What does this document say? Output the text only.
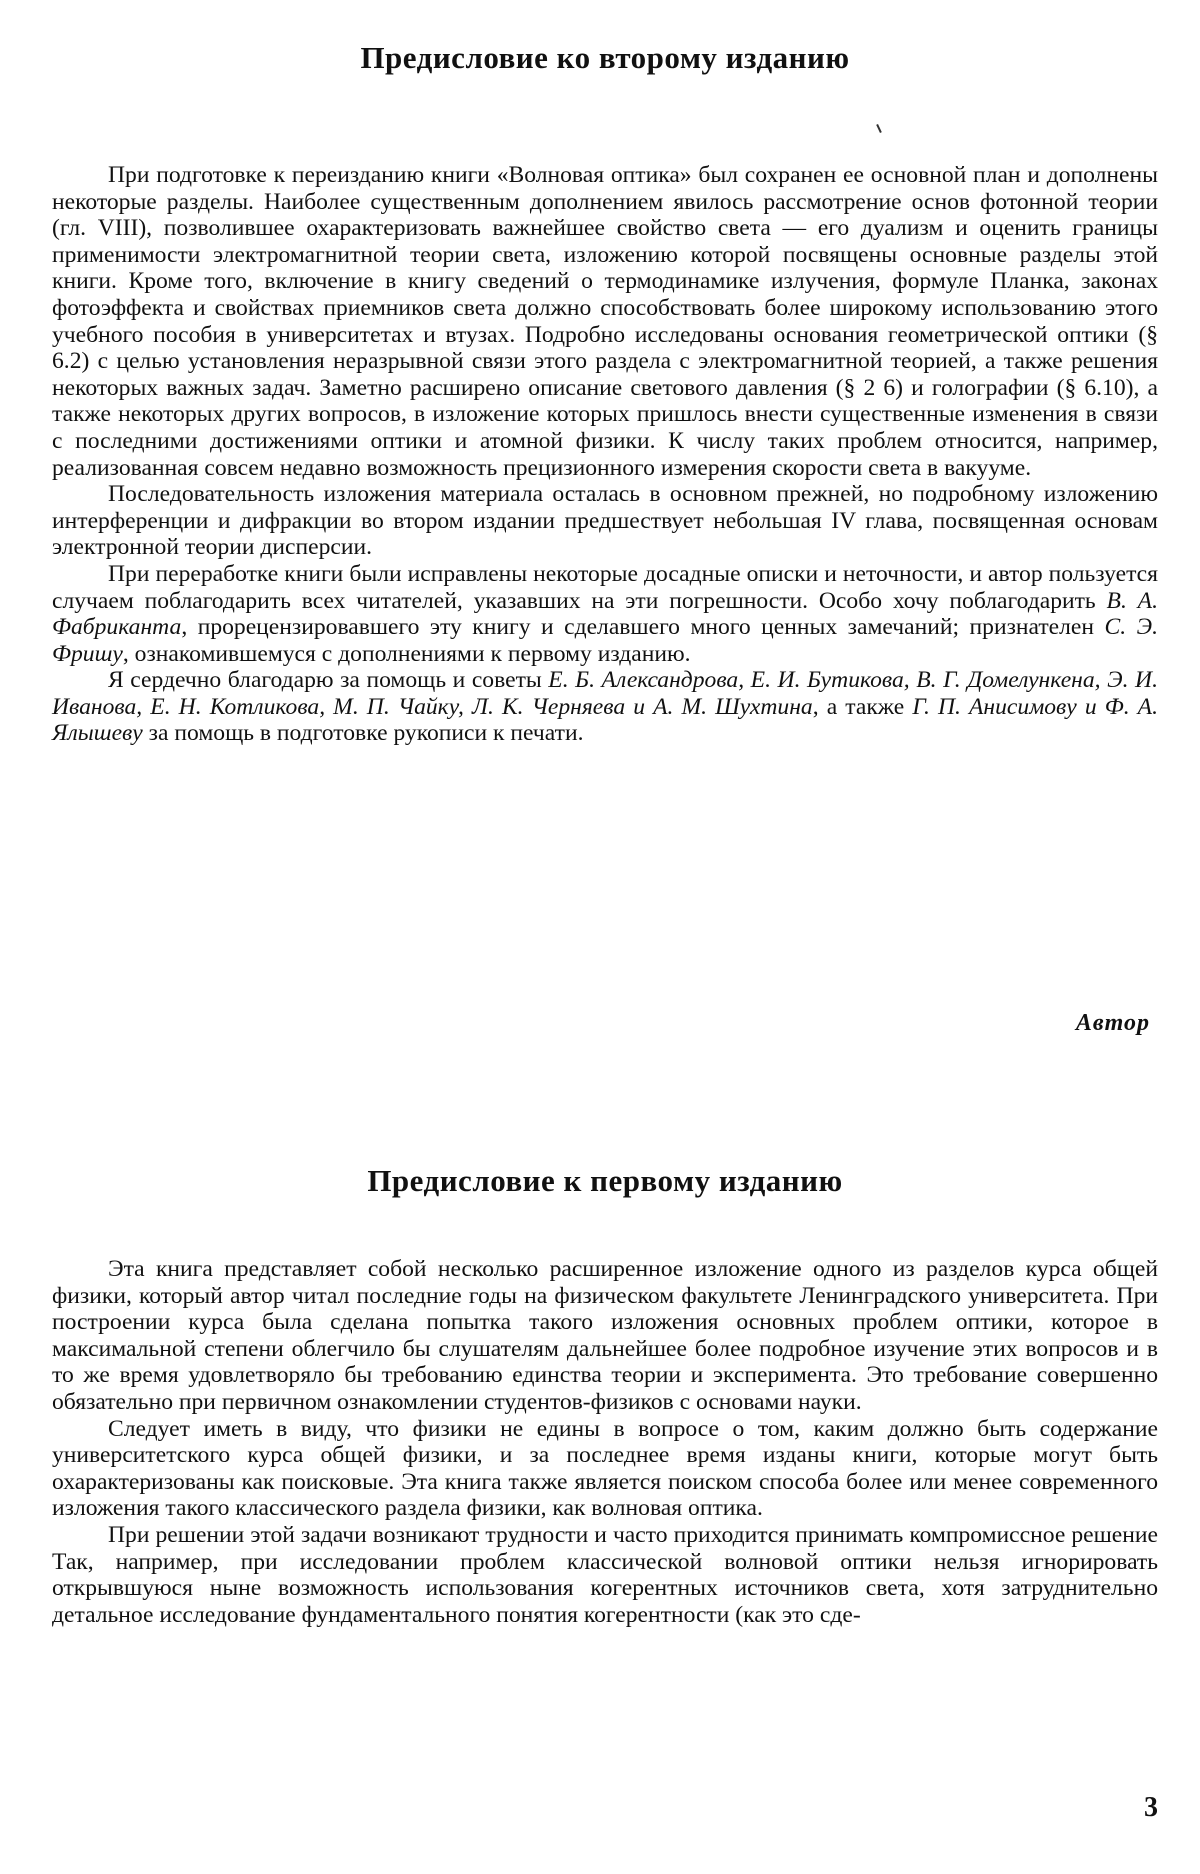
Предисловие ко второму изданию

При подготовке к переизданию книги «Волновая оптика» был сохранен ее основной план и дополнены некоторые разделы. Наиболее существенным дополнением явилось рассмотрение основ фотонной теории (гл. VIII), позволившее охарактеризовать важнейшее свойство света — его дуализм и оценить границы применимости электромагнитной теории света, изложению которой посвящены основные разделы этой книги. Кроме того, включение в книгу сведений о термодинамике излучения, формуле Планка, законах фотоэффекта и свойствах приемников света должно способствовать более широкому использованию этого учебного пособия в университетах и втузах. Подробно исследованы основания геометрической оптики (§ 6.2) с целью установления неразрывной связи этого раздела с электромагнитной теорией, а также решения некоторых важных задач. Заметно расширено описание светового давления (§ 2 6) и голографии (§ 6.10), а также некоторых других вопросов, в изложение которых пришлось внести существенные изменения в связи с последними достижениями оптики и атомной физики. К числу таких проблем относится, например, реализованная совсем недавно возможность прецизионного измерения скорости света в вакууме.

Последовательность изложения материала осталась в основном прежней, но подробному изложению интерференции и дифракции во втором издании предшествует небольшая IV глава, посвященная основам электронной теории дисперсии.

При переработке книги были исправлены некоторые досадные описки и неточности, и автор пользуется случаем поблагодарить всех читателей, указавших на эти погрешности. Особо хочу поблагодарить В. А. Фабриканта, прорецензировавшего эту книгу и сделавшего много ценных замечаний; признателен С. Э. Фришу, ознакомившемуся с дополнениями к первому изданию.

Я сердечно благодарю за помощь и советы Е. Б. Александрова, Е. И. Бутикова, В. Г. Домелункена, Э. И. Иванова, Е. Н. Котликова, М. П. Чайку, Л. К. Черняева и А. М. Шухтина, а также Г. П. Анисимову и Ф. А. Ялышеву за помощь в подготовке рукописи к печати.

Автор
Предисловие к первому изданию

Эта книга представляет собой несколько расширенное изложение одного из разделов курса общей физики, который автор читал последние годы на физическом факультете Ленинградского университета. При построении курса была сделана попытка такого изложения основных проблем оптики, которое в максимальной степени облегчило бы слушателям дальнейшее более подробное изучение этих вопросов и в то же время удовлетворяло бы требованию единства теории и эксперимента. Это требование совершенно обязательно при первичном ознакомлении студентов-физиков с основами науки.

Следует иметь в виду, что физики не едины в вопросе о том, каким должно быть содержание университетского курса общей физики, и за последнее время изданы книги, которые могут быть охарактеризованы как поисковые. Эта книга также является поиском способа более или менее современного изложения такого классического раздела физики, как волновая оптика.

При решении этой задачи возникают трудности и часто приходится принимать компромиссное решение Так, например, при исследовании проблем классической волновой оптики нельзя игнорировать открывшуюся ныне возможность использования когерентных источников света, хотя затруднительно детальное исследование фундаментального понятия когерентности (как это сде-

3
